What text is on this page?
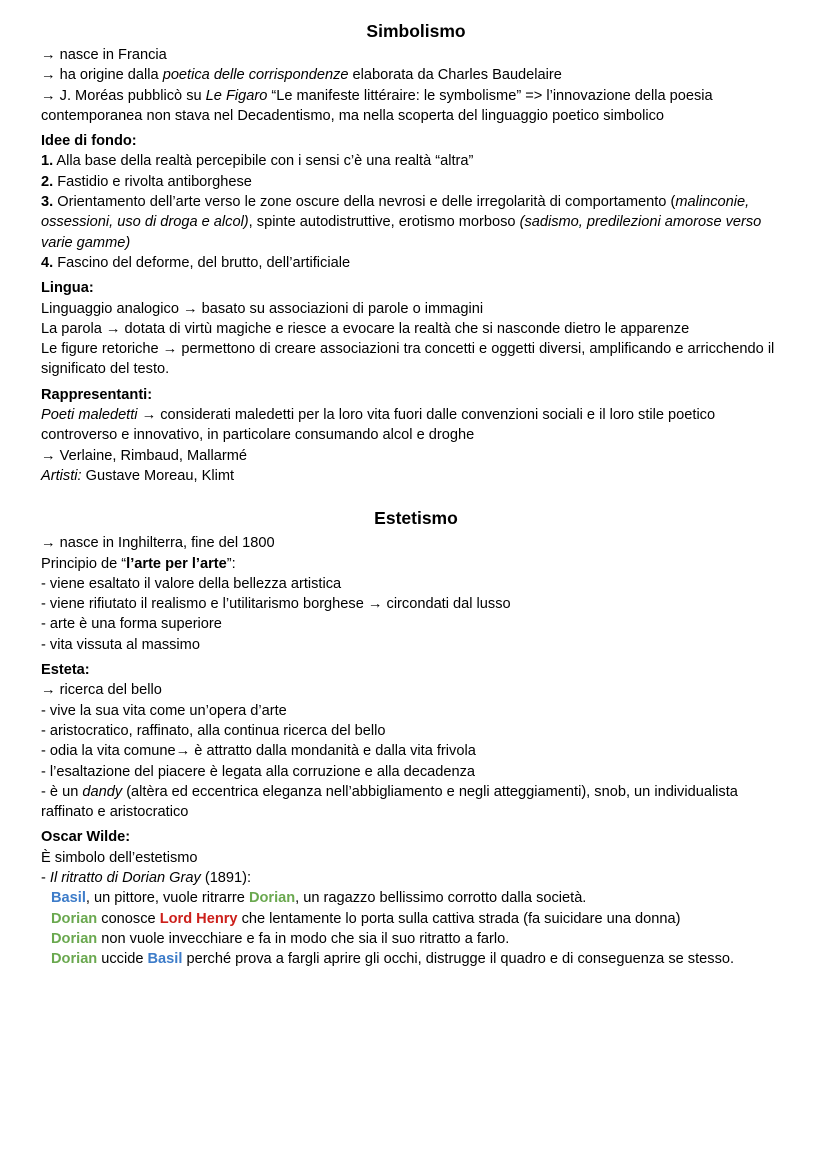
Simbolismo

→ nasce in Francia

→ ha origine dalla poetica delle corrispondenze elaborata da Charles Baudelaire

→ J. Moréas pubblicò su Le Figaro “Le manifeste littéraire: le symbolisme” => l’innovazione della poesia contemporanea non stava nel Decadentismo, ma nella scoperta del linguaggio poetico simbolico

Idee di fondo:

1. Alla base della realtà percepibile con i sensi c’è una realtà “altra”

2. Fastidio e rivolta antiborghese

3. Orientamento dell’arte verso le zone oscure della nevrosi e delle irregolarità di comportamento (malinconie, ossessioni, uso di droga e alcol), spinte autodistruttive, erotismo morboso (sadismo, predilezioni amorose verso varie gamme)

4. Fascino del deforme, del brutto, dell’artificiale

Lingua:

Linguaggio analogico → basato su associazioni di parole o immagini

La parola → dotata di virtù magiche e riesce a evocare la realtà che si nasconde dietro le apparenze

Le figure retoriche → permettono di creare associazioni tra concetti e oggetti diversi, amplificando e arricchendo il significato del testo.

Rappresentanti:

Poeti maledetti → considerati maledetti per la loro vita fuori dalle convenzioni sociali e il loro stile poetico controverso e innovativo, in particolare consumando alcol e droghe

→ Verlaine, Rimbaud, Mallarmé

Artisti: Gustave Moreau, Klimt

Estetismo

→ nasce in Inghilterra, fine del 1800

Principio de “l’arte per l’arte”:

- viene esaltato il valore della bellezza artistica

- viene rifiutato il realismo e l’utilitarismo borghese → circondati dal lusso

- arte è una forma superiore

- vita vissuta al massimo

Esteta:

→ ricerca del bello

- vive la sua vita come un’opera d’arte

- aristocratico, raffinato, alla continua ricerca del bello

- odia la vita comune→ è attratto dalla mondanità e dalla vita frivola

- l’esaltazione del piacere è legata alla corruzione e alla decadenza

- è un dandy (altèra ed eccentrica eleganza nell’abbigliamento e negli atteggiamenti), snob, un individualista raffinato e aristocratico

Oscar Wilde:

È simbolo dell’estetismo

- Il ritratto di Dorian Gray (1891):

Basil, un pittore, vuole ritrarre Dorian, un ragazzo bellissimo corrotto dalla società.

Dorian conosce Lord Henry che lentamente lo porta sulla cattiva strada (fa suicidare una donna)

Dorian non vuole invecchiare e fa in modo che sia il suo ritratto a farlo.

Dorian uccide Basil perché prova a fargli aprire gli occhi, distrugge il quadro e di conseguenza se stesso.
